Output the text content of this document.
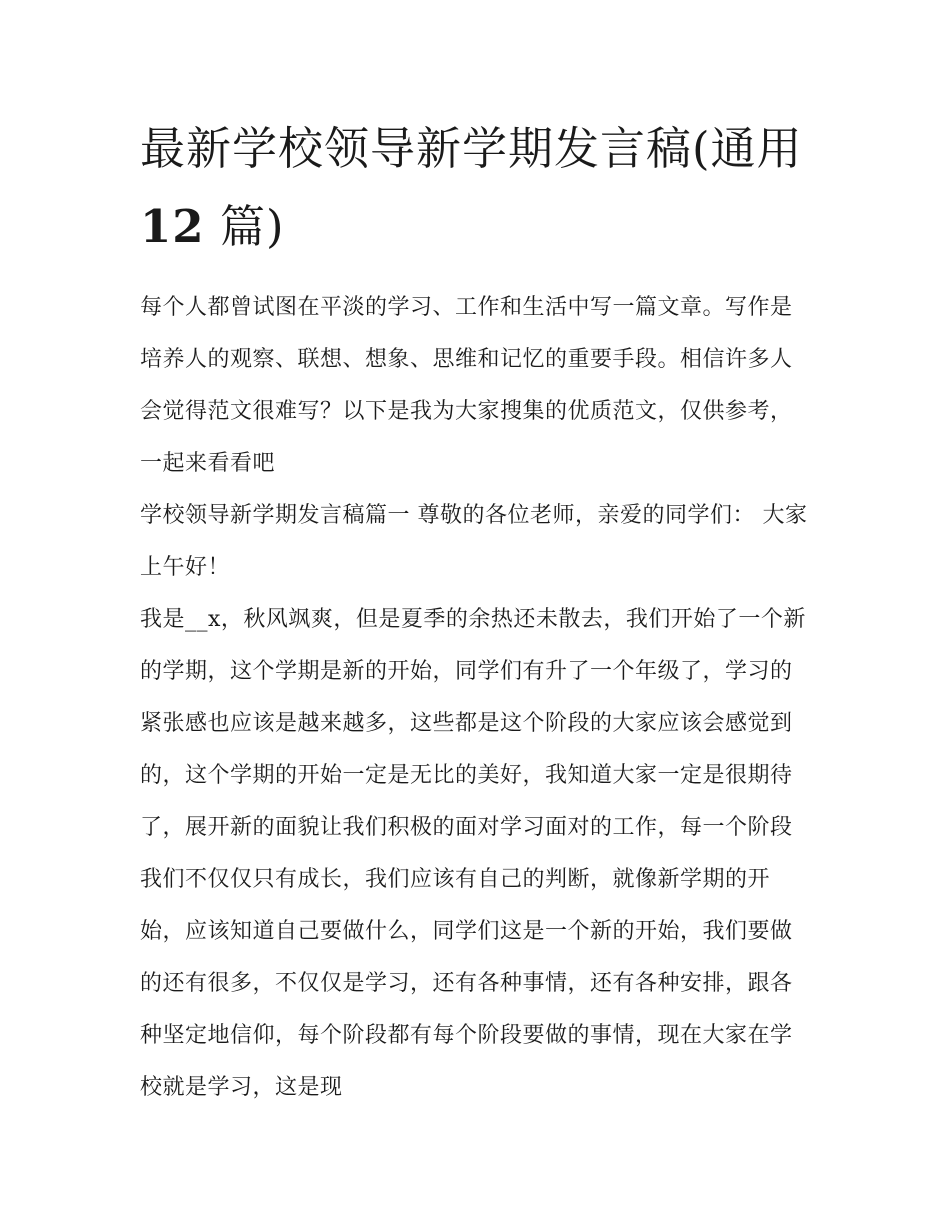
最新学校领导新学期发言稿(通用
12 篇)

每个人都曾试图在平淡的学习、工作和生活中写一篇文章。写作是培养人的观察、联想、想象、思维和记忆的重要手段。相信许多人会觉得范文很难写？以下是我为大家搜集的优质范文，仅供参考，一起来看看吧

学校领导新学期发言稿篇一 尊敬的各位老师，亲爱的同学们： 大家上午好！

我是__x，秋风飒爽，但是夏季的余热还未散去，我们开始了一个新的学期，这个学期是新的开始，同学们有升了一个年级了，学习的紧张感也应该是越来越多，这些都是这个阶段的大家应该会感觉到的，这个学期的开始一定是无比的美好，我知道大家一定是很期待了，展开新的面貌让我们积极的面对学习面对的工作，每一个阶段我们不仅仅只有成长，我们应该有自己的判断，就像新学期的开始，应该知道自己要做什么，同学们这是一个新的开始，我们要做的还有很多，不仅仅是学习，还有各种事情，还有各种安排，跟各种坚定地信仰，每个阶段都有每个阶段要做的事情，现在大家在学校就是学习，这是现
